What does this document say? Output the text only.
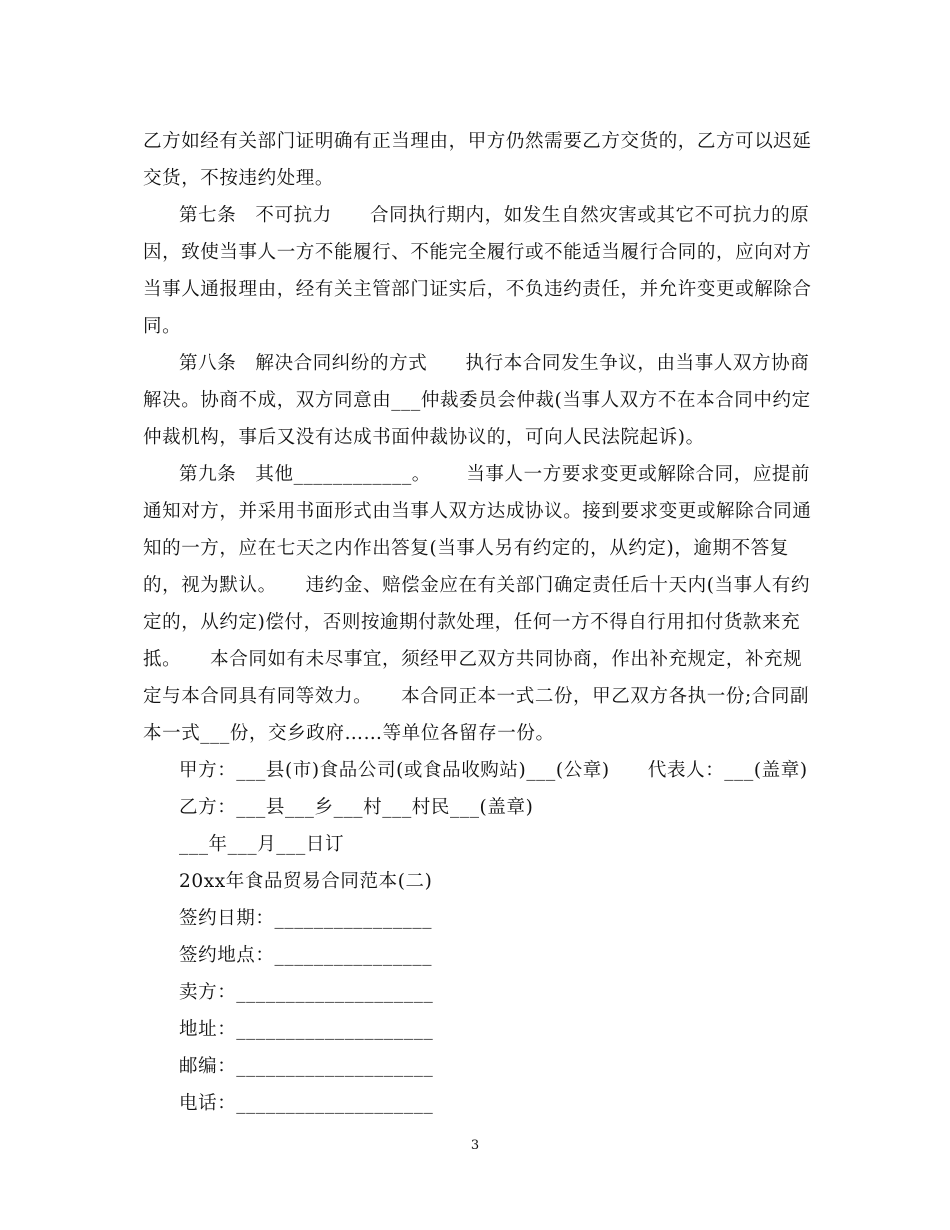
乙方如经有关部门证明确有正当理由，甲方仍然需要乙方交货的，乙方可以迟延
交货，不按违约处理。
第七条　不可抗力　　合同执行期内，如发生自然灾害或其它不可抗力的原
因，致使当事人一方不能履行、不能完全履行或不能适当履行合同的，应向对方
当事人通报理由，经有关主管部门证实后，不负违约责任，并允许变更或解除合
同。
第八条　解决合同纠纷的方式　　执行本合同发生争议，由当事人双方协商
解决。协商不成，双方同意由___仲裁委员会仲裁(当事人双方不在本合同中约定
仲裁机构，事后又没有达成书面仲裁协议的，可向人民法院起诉)。
第九条　其他____________。　　 当事人一方要求变更或解除合同，应提前
通知对方，并采用书面形式由当事人双方达成协议。接到要求变更或解除合同通
知的一方，应在七天之内作出答复(当事人另有约定的，从约定)，逾期不答复
的，视为默认。　　违约金、赔偿金应在有关部门确定责任后十天内(当事人有约
定的，从约定)偿付，否则按逾期付款处理，任何一方不得自行用扣付货款来充
抵。　　本合同如有未尽事宜，须经甲乙双方共同协商，作出补充规定，补充规
定与本合同具有同等效力。　　本合同正本一式二份，甲乙双方各执一份;合同副
本一式___份，交乡政府……等单位各留存一份。
甲方：___县(市)食品公司(或食品收购站)___(公章)　　代表人：___(盖章)
乙方：___县___乡___村___村民___(盖章)
___年___月___日订
20xx年食品贸易合同范本(二)
签约日期：________________
签约地点：________________
卖方：____________________
地址：____________________
邮编：____________________
电话：____________________
3
